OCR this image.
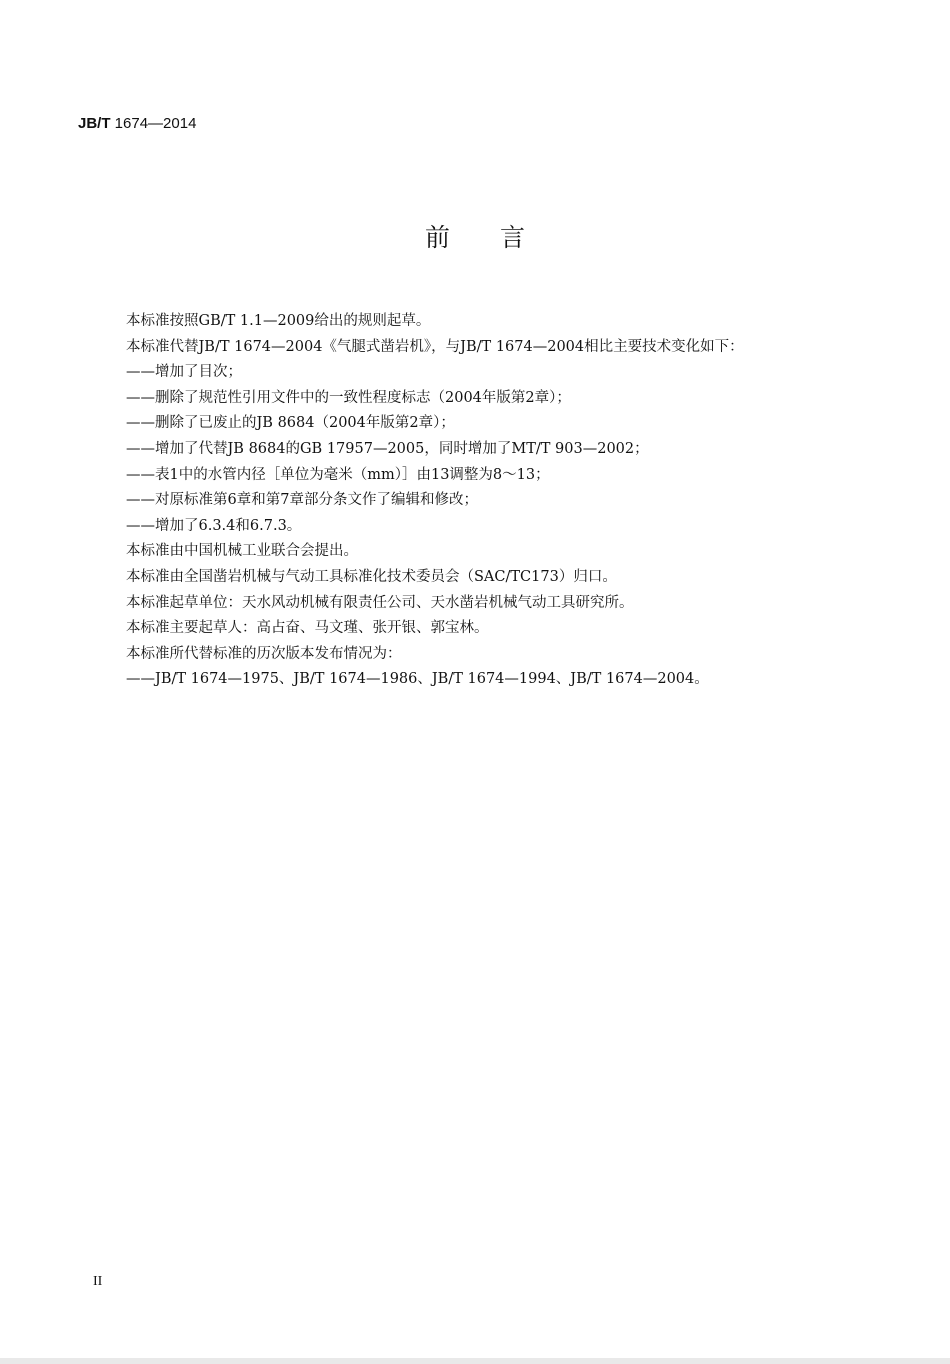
JB/T 1674—2014
前言
本标准按照GB/T 1.1—2009给出的规则起草。
本标准代替JB/T 1674—2004《气腿式凿岩机》，与JB/T 1674—2004相比主要技术变化如下：
——增加了目次；
——删除了规范性引用文件中的一致性程度标志（2004年版第2章）；
——删除了已废止的JB 8684（2004年版第2章）；
——增加了代替JB 8684的GB 17957—2005，同时增加了MT/T 903—2002；
——表1中的水管内径［单位为毫米（mm）］由13调整为8～13；
——对原标准第6章和第7章部分条文作了编辑和修改；
——增加了6.3.4和6.7.3。
本标准由中国机械工业联合会提出。
本标准由全国凿岩机械与气动工具标准化技术委员会（SAC/TC173）归口。
本标准起草单位：天水风动机械有限责任公司、天水凿岩机械气动工具研究所。
本标准主要起草人：高占奋、马文瑾、张开银、郭宝林。
本标准所代替标准的历次版本发布情况为：
——JB/T 1674—1975、JB/T 1674—1986、JB/T 1674—1994、JB/T 1674—2004。
II
